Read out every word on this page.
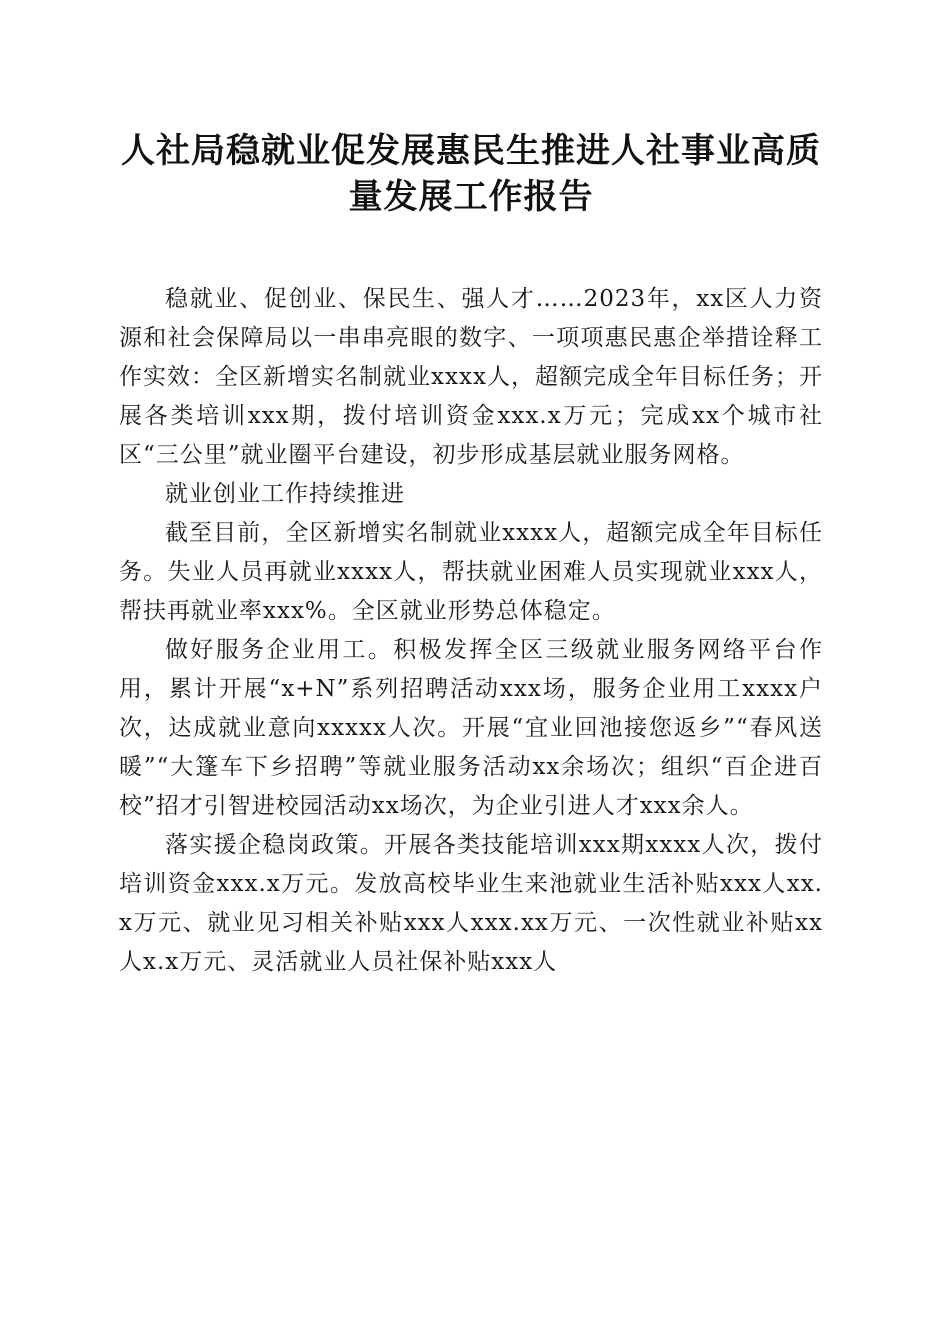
人社局稳就业促发展惠民生推进人社事业高质量发展工作报告

稳就业、促创业、保民生、强人才……2023年，xx区人力资源和社会保障局以一串串亮眼的数字、一项项惠民惠企举措诠释工作实效：全区新增实名制就业xxxx人，超额完成全年目标任务；开展各类培训xxx期，拨付培训资金xxx.x万元；完成xx个城市社区“三公里”就业圈平台建设，初步形成基层就业服务网格。

就业创业工作持续推进

截至目前，全区新增实名制就业xxxx人，超额完成全年目标任务。失业人员再就业xxxx人，帮扶就业困难人员实现就业xxx人，帮扶再就业率xxx%。全区就业形势总体稳定。

做好服务企业用工。积极发挥全区三级就业服务网络平台作用，累计开展“x+N”系列招聘活动xxx场，服务企业用工xxxx户次，达成就业意向xxxxx人次。开展“宜业回池接您返乡”“春风送暖”“大篷车下乡招聘”等就业服务活动xx余场次；组织“百企进百校”招才引智进校园活动xx场次，为企业引进人才xxx余人。

落实援企稳岗政策。开展各类技能培训xxx期xxxx人次，拨付培训资金xxx.x万元。发放高校毕业生来池就业生活补贴xxx人xx.x万元、就业见习相关补贴xxx人xxx.xx万元、一次性就业补贴xx人x.x万元、灵活就业人员社保补贴xxx人
